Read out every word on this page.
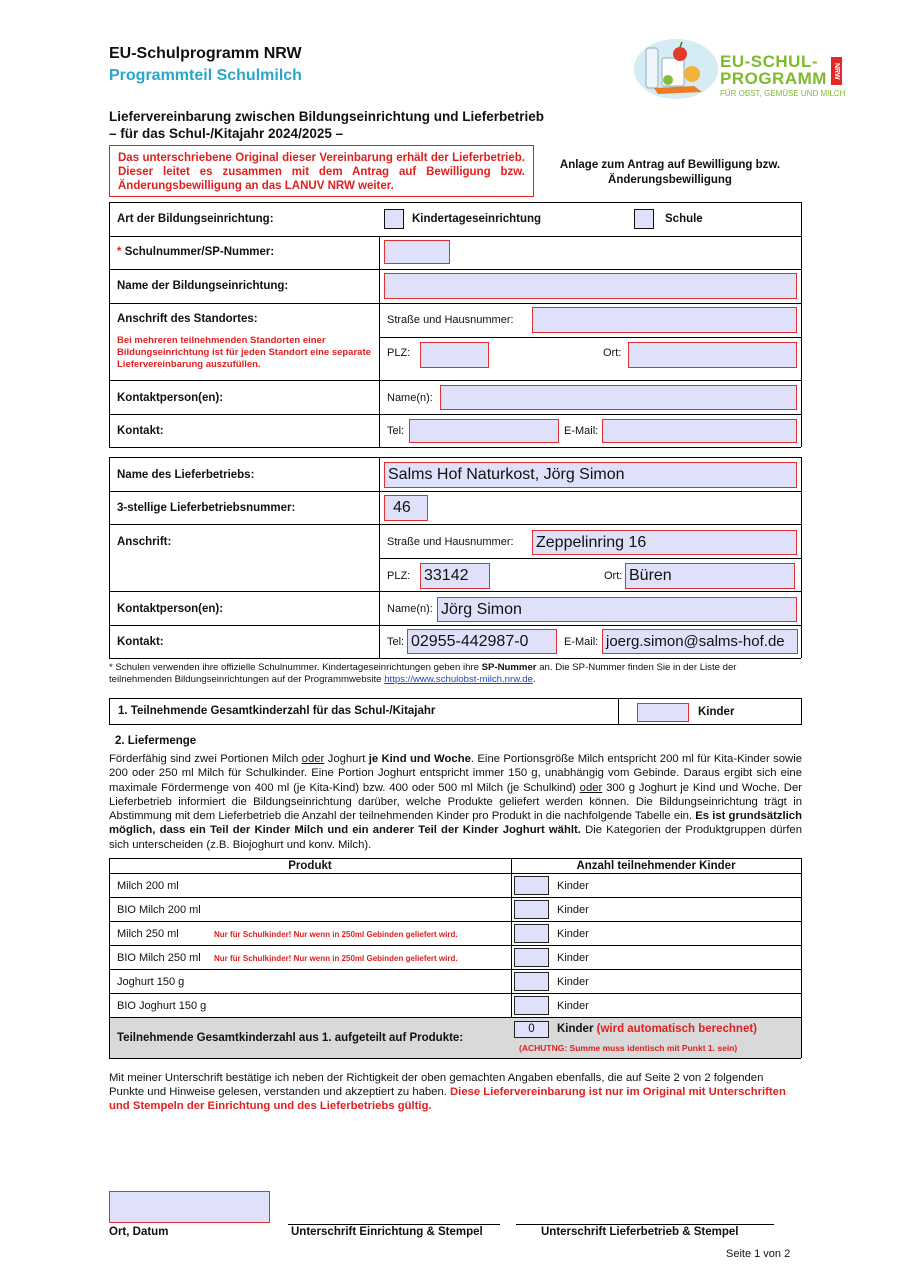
EU-Schulprogramm NRW
Programmteil Schulmilch
EU-SCHUL-
PROGRAMM NRW
FÜR OBST, GEMÜSE UND MILCH
Liefervereinbarung zwischen Bildungseinrichtung und Lieferbetrieb
– für das Schul-/Kitajahr 2024/2025 –
Das unterschriebene Original dieser Vereinbarung erhält der Lieferbetrieb. Dieser leitet es zusammen mit dem Antrag auf Bewilligung bzw. Änderungsbewilligung an das LANUV NRW weiter.
Anlage zum Antrag auf Bewilligung bzw. Änderungsbewilligung
Art der Bildungseinrichtung:	Kindertageseinrichtung	Schule
* Schulnummer/SP-Nummer:
Name der Bildungseinrichtung:
Anschrift des Standortes:
Bei mehreren teilnehmenden Standorten einer Bildungseinrichtung ist für jeden Standort eine separate Liefervereinbarung auszufüllen.
Straße und Hausnummer:
PLZ:	Ort:
Kontaktperson(en):	Name(n):
Kontakt:	Tel:	E-Mail:
Name des Lieferbetriebs:	Salms Hof Naturkost, Jörg Simon
3-stellige Lieferbetriebsnummer:	46
Anschrift:	Straße und Hausnummer: Zeppelinring 16
PLZ: 33142	Ort: Büren
Kontaktperson(en):	Name(n): Jörg Simon
Kontakt:	Tel: 02955-442987-0	E-Mail: joerg.simon@salms-hof.de
* Schulen verwenden ihre offizielle Schulnummer. Kindertageseinrichtungen geben ihre SP-Nummer an. Die SP-Nummer finden Sie in der Liste der teilnehmenden Bildungseinrichtungen auf der Programmwebsite https://www.schulobst-milch.nrw.de.
1. Teilnehmende Gesamtkinderzahl für das Schul-/Kitajahr	Kinder
2. Liefermenge
Förderfähig sind zwei Portionen Milch oder Joghurt je Kind und Woche. Eine Portionsgröße Milch entspricht 200 ml für Kita-Kinder sowie 200 oder 250 ml Milch für Schulkinder. Eine Portion Joghurt entspricht immer 150 g, unabhängig vom Gebinde. Daraus ergibt sich eine maximale Fördermenge von 400 ml (je Kita-Kind) bzw. 400 oder 500 ml Milch (je Schulkind) oder 300 g Joghurt je Kind und Woche. Der Lieferbetrieb informiert die Bildungseinrichtung darüber, welche Produkte geliefert werden können. Die Bildungseinrichtung trägt in Abstimmung mit dem Lieferbetrieb die Anzahl der teilnehmenden Kinder pro Produkt in die nachfolgende Tabelle ein. Es ist grundsätzlich möglich, dass ein Teil der Kinder Milch und ein anderer Teil der Kinder Joghurt wählt. Die Kategorien der Produktgruppen dürfen sich unterscheiden (z.B. Biojoghurt und konv. Milch).
Produkt	Anzahl teilnehmender Kinder
Milch 200 ml	Kinder
BIO Milch 200 ml	Kinder
Milch 250 ml	Nur für Schulkinder! Nur wenn in 250ml Gebinden geliefert wird.	Kinder
BIO Milch 250 ml Nur für Schulkinder! Nur wenn in 250ml Gebinden geliefert wird.	Kinder
Joghurt 150 g	Kinder
BIO Joghurt 150 g	Kinder
Teilnehmende Gesamtkinderzahl aus 1. aufgeteilt auf Produkte:
0	Kinder (wird automatisch berechnet)
(ACHUTNG: Summe muss identisch mit Punkt 1. sein)
Mit meiner Unterschrift bestätige ich neben der Richtigkeit der oben gemachten Angaben ebenfalls, die auf Seite 2 von 2 folgenden Punkte und Hinweise gelesen, verstanden und akzeptiert zu haben. Diese Liefervereinbarung ist nur im Original mit Unterschriften und Stempeln der Einrichtung und des Lieferbetriebs gültig.
Ort, Datum	Unterschrift Einrichtung & Stempel	Unterschrift Lieferbetrieb & Stempel
Seite 1 von 2
